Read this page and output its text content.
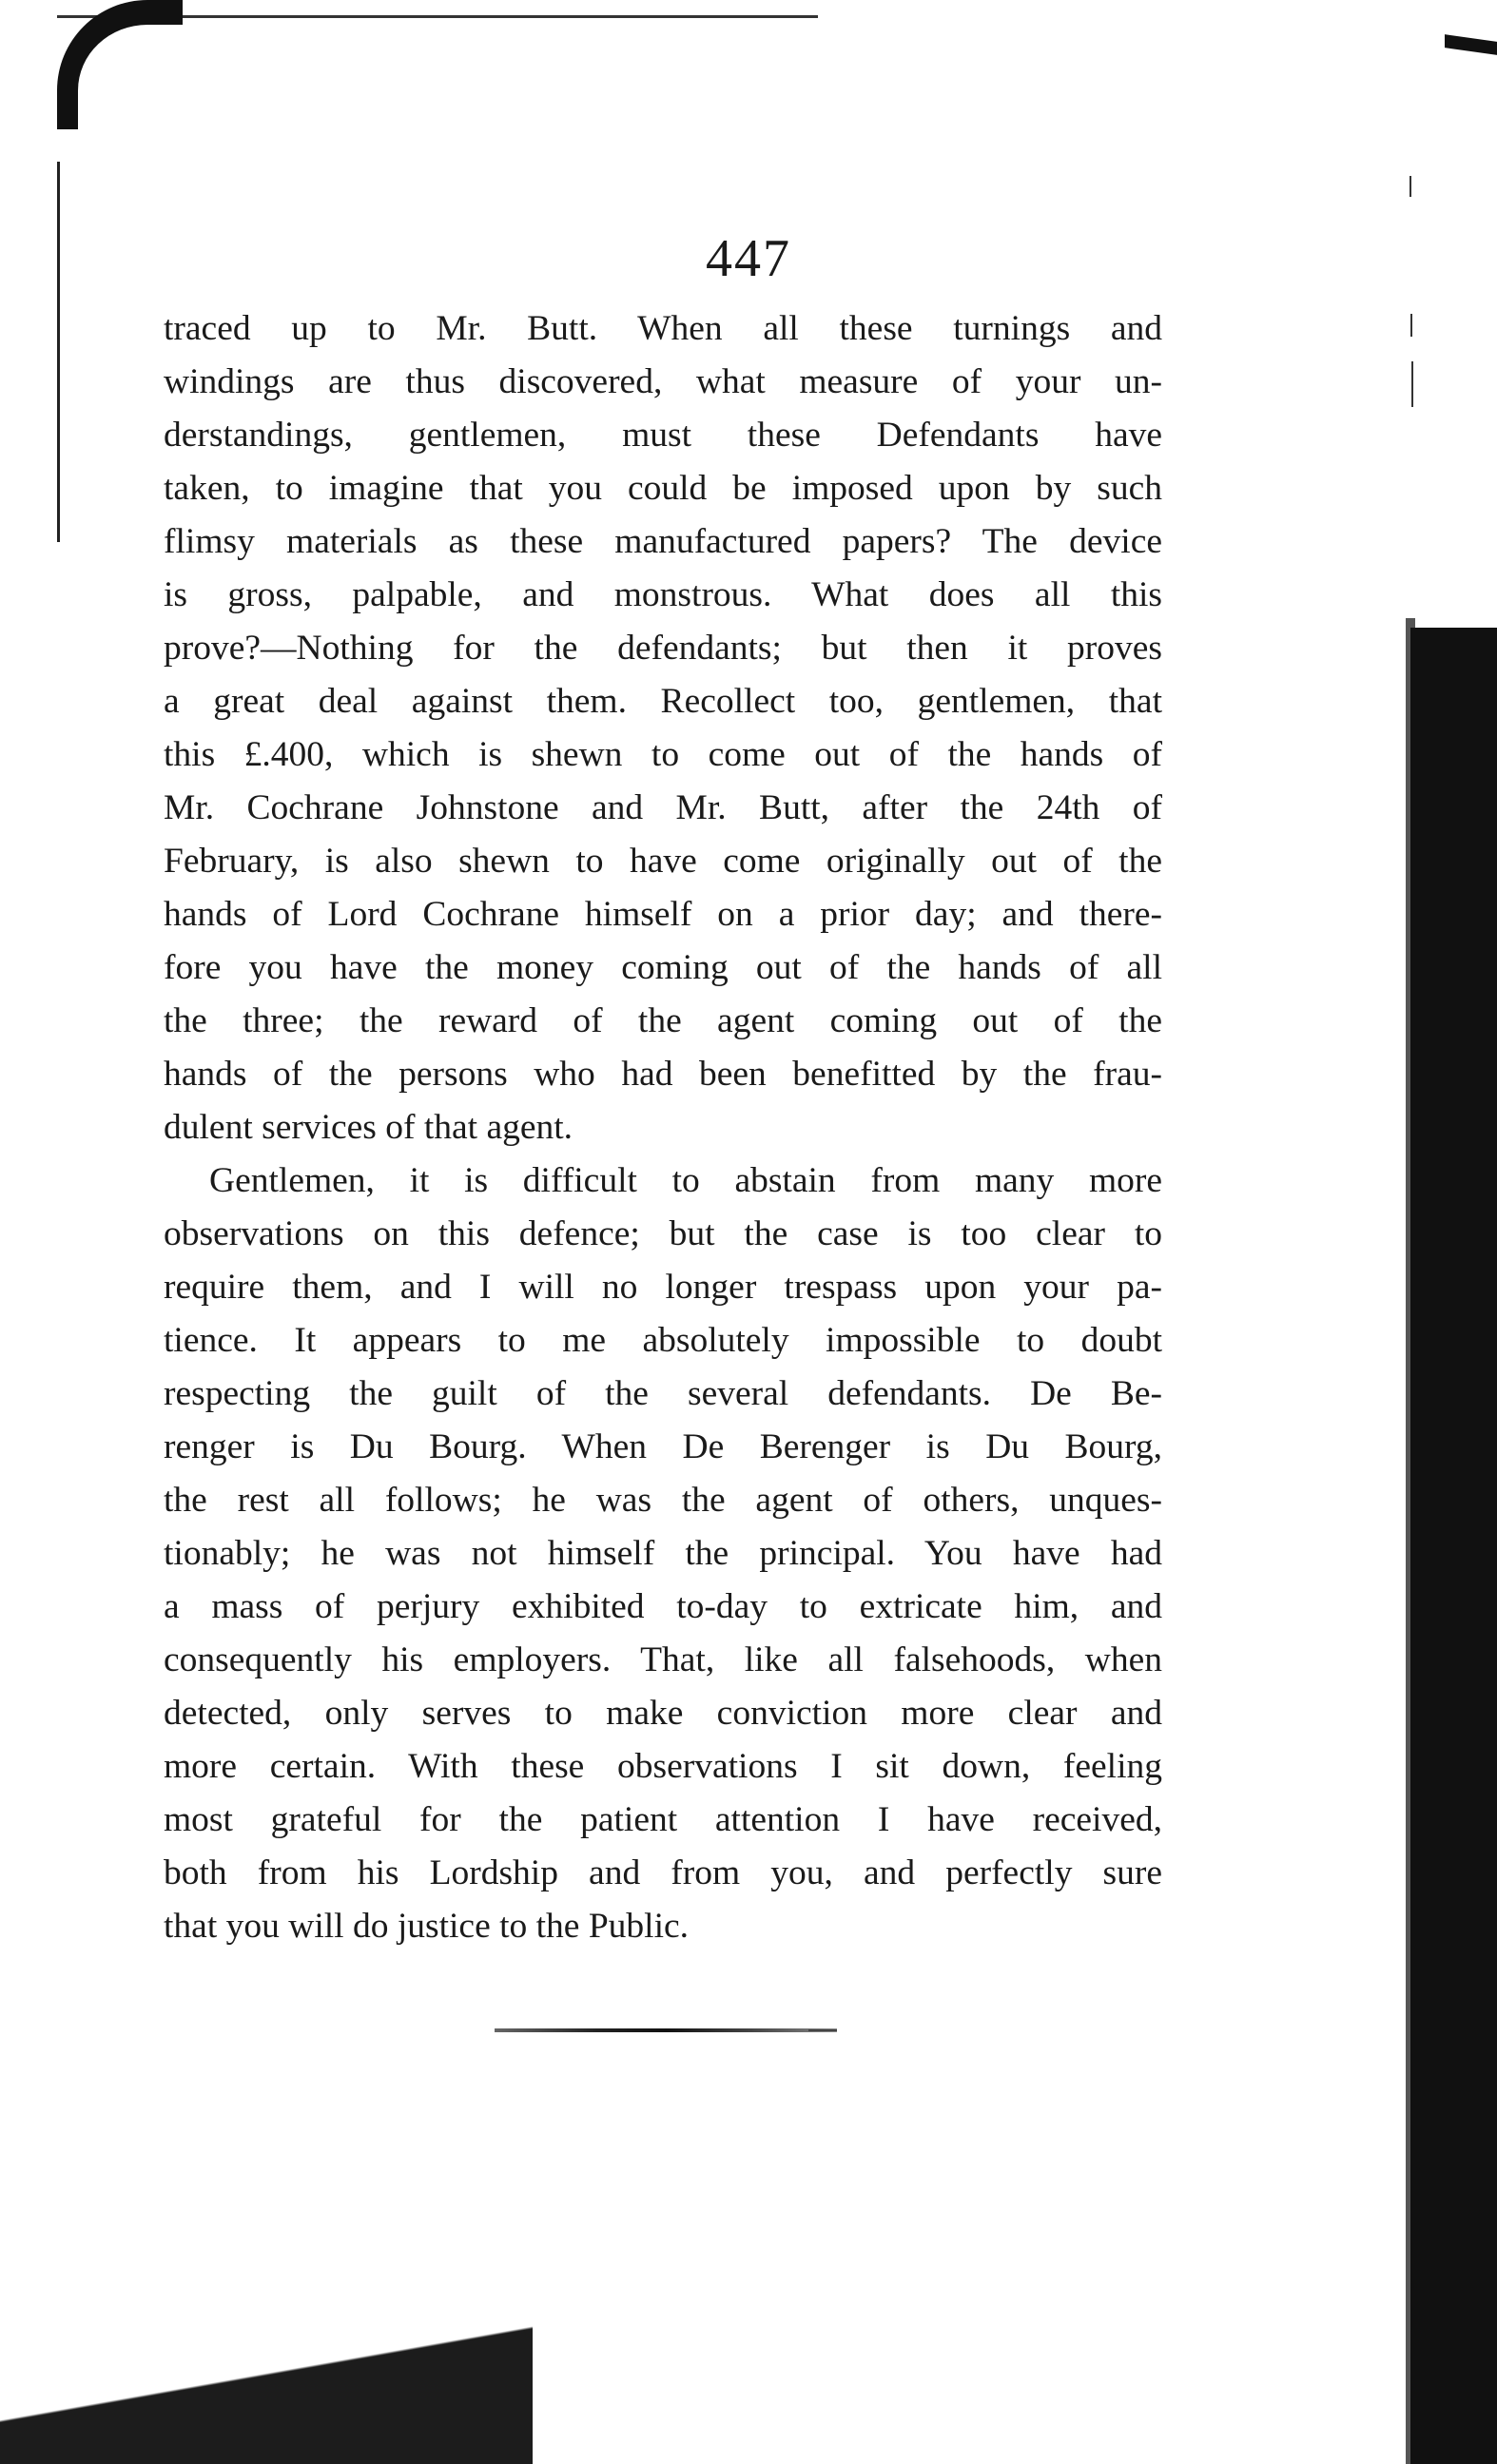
447
traced up to Mr. Butt. When all these turnings and
windings are thus discovered, what measure of your un-
derstandings, gentlemen, must these Defendants have
taken, to imagine that you could be imposed upon by such
flimsy materials as these manufactured papers? The device
is gross, palpable, and monstrous. What does all this
prove?—Nothing for the defendants; but then it proves
a great deal against them. Recollect too, gentlemen, that
this £.400, which is shewn to come out of the hands of
Mr. Cochrane Johnstone and Mr. Butt, after the 24th of
February, is also shewn to have come originally out of the
hands of Lord Cochrane himself on a prior day; and there-
fore you have the money coming out of the hands of all
the three; the reward of the agent coming out of the
hands of the persons who had been benefitted by the frau-
dulent services of that agent.
Gentlemen, it is difficult to abstain from many more
observations on this defence; but the case is too clear to
require them, and I will no longer trespass upon your pa-
tience. It appears to me absolutely impossible to doubt
respecting the guilt of the several defendants. De Be-
renger is Du Bourg. When De Berenger is Du Bourg,
the rest all follows; he was the agent of others, unques-
tionably; he was not himself the principal. You have had
a mass of perjury exhibited to-day to extricate him, and
consequently his employers. That, like all falsehoods, when
detected, only serves to make conviction more clear and
more certain. With these observations I sit down, feeling
most grateful for the patient attention I have received,
both from his Lordship and from you, and perfectly sure
that you will do justice to the Public.
